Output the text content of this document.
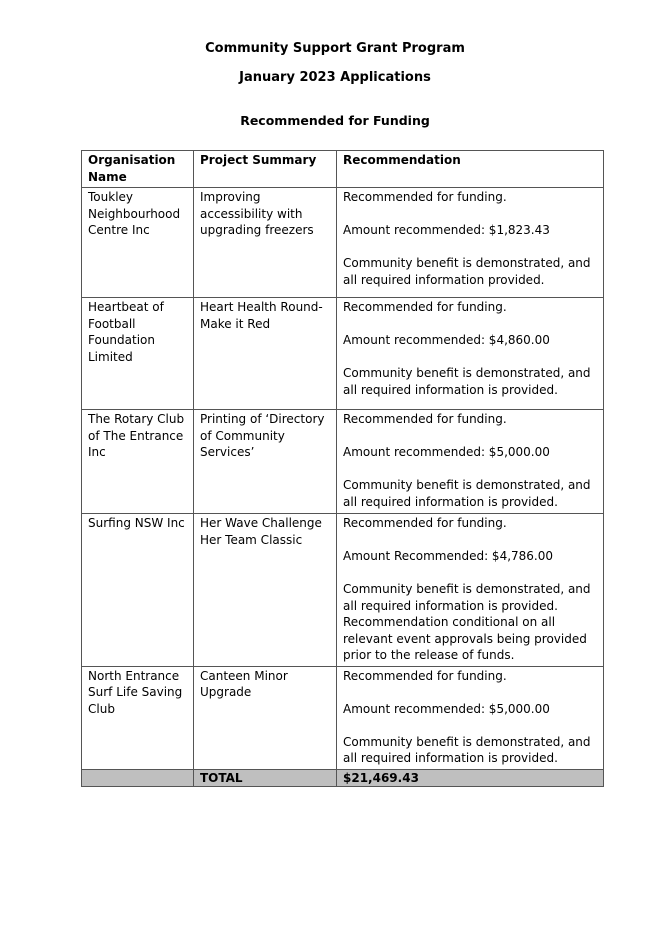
Community Support Grant Program

January 2023 Applications

Recommended for Funding

Organisation Name	Project Summary	Recommendation
Toukley Neighbourhood Centre Inc	Improving accessibility with upgrading freezers	Recommended for funding.

Amount recommended: $1,823.43

Community benefit is demonstrated, and all required information provided.

Heartbeat of Football Foundation Limited	Heart Health Round-Make it Red	Recommended for funding.

Amount recommended: $4,860.00

Community benefit is demonstrated, and all required information is provided.

The Rotary Club of The Entrance Inc	Printing of ‘Directory of Community Services’	Recommended for funding.

Amount recommended: $5,000.00

Community benefit is demonstrated, and all required information is provided.

Surfing NSW Inc	Her Wave Challenge Her Team Classic	Recommended for funding.

Amount Recommended: $4,786.00

Community benefit is demonstrated, and all required information is provided. Recommendation conditional on all relevant event approvals being provided prior to the release of funds.

North Entrance Surf Life Saving Club	Canteen Minor Upgrade	Recommended for funding.

Amount recommended: $5,000.00

Community benefit is demonstrated, and all required information is provided.

	TOTAL	$21,469.43
